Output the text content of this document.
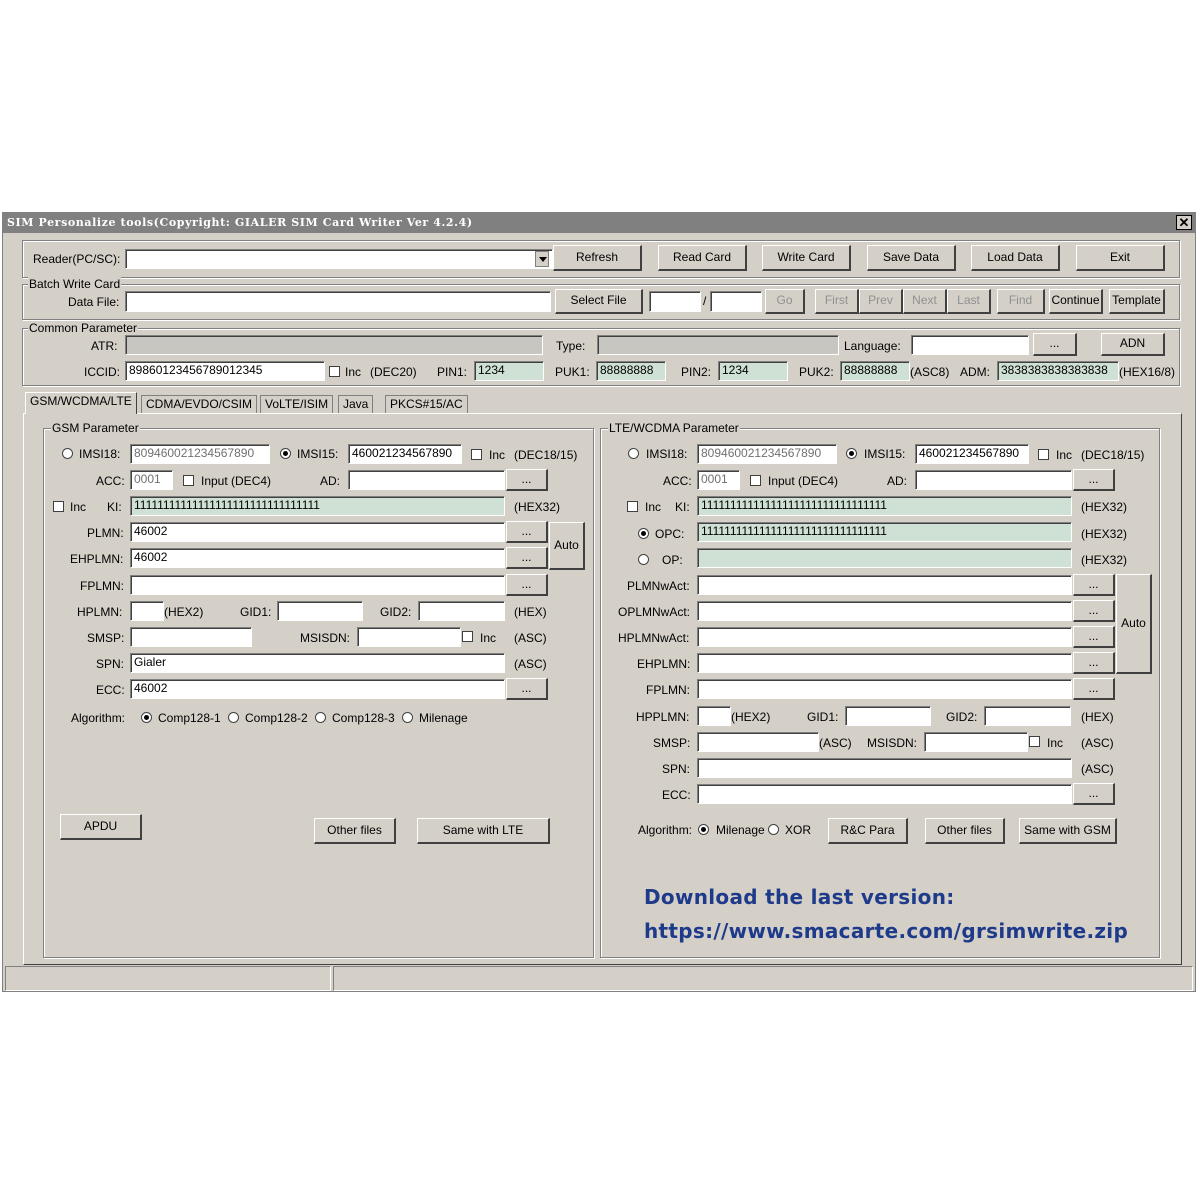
SIM Personalize tools(Copyright: GIALER SIM Card Writer Ver 4.2.4)	✕
Reader(PC/SC):	Refresh	Read Card	Write Card	Save Data	Load Data	Exit
Batch Write Card
Data File:	Select File	/	Go	First	Prev	Next	Last	Find	Continue Template
Common Parameter
ATR:	Type:	Language:	...	ADN
ICCID: 89860123456789012345	Inc (DEC20) PIN1: 1234	PUK1: 88888888	PIN2: 1234	PUK2: 88888888	(ASC8) ADM: 3838383838383838 (HEX16/8)
GSM/WCDMA/LTE	CDMA/EVDO/CSIM	VoLTE/ISIM	Java	PKCS#15/AC
GSM Parameter
IMSI18:	809460021234567890	IMSI15:	460021234567890	Inc (DEC18/15)
ACC: 0001	Input (DEC4)	AD:	...
Inc KI:	11111111111111111111111111111111	(HEX32)
PLMN: 46002	...
EHPLMN: 46002	...
Auto
FPLMN:	...
HPLMN:	(HEX2)	GID1:	GID2:	(HEX)
SMSP:	MSISDN:	Inc (ASC)
SPN: Gialer	(ASC)
ECC: 46002	...
Algorithm:	Comp128-1 Comp128-2 Comp128-3 Milenage
APDU	Other files	Same with LTE
LTE/WCDMA Parameter
IMSI18:	809460021234567890	IMSI15:	460021234567890	Inc (DEC18/15)
ACC: 0001	Input (DEC4)	AD:	...
Inc KI: 11111111111111111111111111111111	(HEX32)
OPC:	11111111111111111111111111111111	(HEX32)
OP:	(HEX32)
PLMNwAct:	...
OPLMNwAct:	...
HPLMNwAct:	...
EHPLMN:	...
Auto
FPLMN:	...
HPPLMN:	(HEX2)	GID1:	GID2:	(HEX)
SMSP:	(ASC) MSISDN:	Inc (ASC)
SPN:	(ASC)
ECC:	...
Algorithm: Milenage XOR	R&C Para	Other files	Same with GSM
Download the last version:
https://www.smacarte.com/grsimwrite.zip
